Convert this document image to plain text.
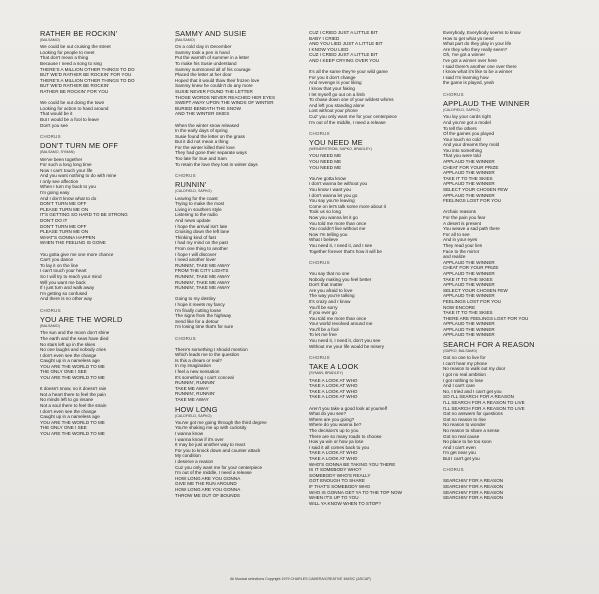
RATHER BE ROCKIN'
(BALSAMO)
We could be out cruising the street
Looking for people to meet
That don't mean a thing
Because I need a song to sing
THERE'S A MILLION OTHER THINGS TO DO
BUT WE'D RATHER BE ROCKIN' FOR YOU
THERE'S A MILLION OTHER THINGS TO DO
BUT WE'D RATHER BE ROCKIN'
RATHER BE ROCKIN' FOR YOU
We could be out doing the town
Looking for action to hand around
That would be it
But I would be a fool to leave
Don't you see
CHORUS
DON'T TURN ME OFF
(BALSAMO, SYMAN)
We've been together
For such a long long time
Now I can't touch your life
And you want nothing to do with mine
I only see affection
When I turn my back to you
I'm going easy
And I don't know what to do
DON'T TURN ME OFF
PLEASE TURN ME ON
IT'S GETTING SO HARD TO BE STRONG
DON'T DO IT
DON'T TURN ME OFF
PLEASE TURN ME ON
WHAT'S GONNA HAPPEN
WHEN THE FEELING IS GONE
You gotta give me one more chance
Can't you dance
To lay it on the line
I can't touch your heart
So I will try to reach your mind
Will you want me back
If I just turn and walk away
I'm getting so confused
And there is no other way
CHORUS
YOU ARE THE WORLD
(BALSAMO)
The sun and the moon don't shine
The earth and the seas have died
No stars left up in the skies
No one laughs and nobody cries
I don't even see the change
Caught up in a nameless age
YOU ARE THE WORLD TO ME
THE ONLY ONE I SEE
YOU ARE THE WORLD TO ME
It doesn't snow, no it doesn't rain
Not a heart there to feel the pain
No minds left to go insane
Not a soul there to feel the strain
I don't even see the change
Caught up in a nameless age
YOU ARE THE WORLD TO ME
THE ONLY ONE I SEE
YOU ARE THE WORLD TO ME
SAMMY AND SUSIE
(BALSAMO)
On a cold clay in December
Sammy took a pen in hand
Put the warmth of summer in a letter
To make his Susie understand
Sammy summoned all of his courage
Placed the letter at her door
Hoped that it would thaw their frozen love
Sammy knew he couldn't do any more
SUSIE NEVER FOUND THE LETTER
THOSE WORDS NEVER REACHED HER EYES
SWEPT AWAY UPON THE WINDS OF WINTER
BURIED BENEATH THE SNOW
AND THE WINTER SKIES
When the winter snow released
In the early days of spring
Susie found the letter on the grass
But it did not mean a thing
For the winter killed their love
They had gone their separate ways
Too late for Sue and Sam
To retain the love they lost in winter days
CHORUS
RUNNIN'
(CALDFIELD, SAPKO)
Leaving for the coast
Trying to make the most
Living in southern style
Listening to the radio
And news update
I hope the arrival isn't late
Cruising down the left lane
Thinking kind of fast
I had my mind on the past
From one thing to another
I hope I will discover
I need another lover
RUNNIN', TAKE ME AWAY
FROM THE CITY LIGHTS
RUNNIN', TAKE ME AWAY
RUNNIN', TAKE ME AWAY
RUNNIN', TAKE ME AWAY
Going to my destiny
I hope it meets my fancy
I'm finally cutting loose
The signs from the highway
Send like for a detour
I'm losing time that's for sure
CHORUS
There's something I should mention
Which leads me to the question
Is this a dream or real?
In my imagination
I feel a new sensation
It's something I can't conceal
RUNNIN', RUNNIN'
TAKE ME AWAY
RUNNIN', RUNNIN'
TAKE ME AWAY
HOW LONG
(CALDFIELD, SAPKO)
You've got me going through the third degree
You're shaking me up with curiosity
I wanna know
I wanna know if it's over
It may be just another way to react
For you to knock down and counter attack
My condition
I deserve a reason
Cuz you only want me for your centerpiece
I'm out of the middle, I need a release
HOW LONG ARE YOU GONNA
GIVE ME THE RUN AROUND
HOW LONG ARE YOU GONNA
THROW ME OUT OF BOUNDS
CUZ I CRIED JUST A LITTLE BIT
BABY I CRIED
AND YOU LIED JUST A LITTLE BIT
I KNOW YOU LIED
CUZ I CRIED JUST A LITTLE BIT
AND I KEEP CRYING OVER YOU
It's all the same they're your wild game
For you it don't change
And revenge is your liking
I know that your faking
I let myself go out on a limb
To chase down one of your wildest whims
And left you standing alone
Lost without your phone
Cuz' you only want me for your centerpiece
I'm out of the middle, I need a release
CHORUS
YOU NEED ME
(WEINERSTROM, SAPKO, BRADLEY)
YOU NEED ME
YOU NEED ME
YOU NEED ME
You've gotta know
I don't wanna be without you
You know I want you
I don't wanna let you go
You say you're leaving
Come on let's talk some more about it
Took us so long
Now you wanna let it go
You told me more than once
You couldn't live without me
Now I'm telling you
What I believe
You need it, I need it, and I see
Together forever that's how it will be
CHORUS
You say that no one
Nobody making you feel better
Don't that matter
Are you afraid to love
The way you're talking
It's crazy and I know
You'll be sorry
If you ever go
You told me more than once
Your world revolved around me
You'll be a fool
To let me free
You need it, I need it, don't you see
Without me your life would be misery
CHORUS
TAKE A LOOK
(SYMAN, BRADLEY)
TAKE A LOOK AT WHO
TAKE A LOOK AT WHO
TAKE A LOOK AT WHO
TAKE A LOOK AT WHO
Aren't you take a good look at yourself
What do you see?
Where are you going?
Where do you wanna be?
The decision's up to you
There are so many roads to choose
How ya win or how ya lose
I said it all comes back to you
TAKE A LOOK AT WHO
TAKE A LOOK AT WHO
WHO'S GONNA BE TAKING YOU THERE
IS IT SOMEBODY WHO?
SOMEBODY WHO'S REALLY
GOT ENOUGH TO SHARE
IF THAT'S SOMEBODY WHO
WHO IS GONNA GET YA TO THE TOP NOW
WHEN IT'S UP TO YOU
WILL YA KNOW WHEN TO STOP?
Everybody, Everybody seems to know
How to get what ya need
What part do they play in your life
Are they who they really seem?
Oh, I've got a winner
I've got a winner over here
I said there's another one over there
I know what it's like to be a winner
I said I'm learning how
the game is played, yeah
CHORUS
APPLAUD THE WINNER
(CALDFIELD, SAPKO)
You lay your cards right
And you've got a model
To tell the others
Of the games you played
Your touch so cold
And your dreams they mold
You into something
That you were told
APPLAUD THE WINNER
CHEAT FOR YOUR PRIZE
APPLAUD THE WINNER
TAKE IT TO THE SKIES
APPLAUD THE WINNER
SELECT YOUR CHOSEN FEW
APPLAUD THE WINNER
FEELINGS LOST FOR YOU
Archaic reasons
For the pain you fear
A desert is present
You weave a sad path there
For all to see
And in your eyes
They read your lies
Face to the mirror
and realize
APPLAUD THE WINNER
CHEAT FOR YOUR PRIZE
APPLAUD THE WINNER
TAKE IT TO THE SKIES
APPLAUD THE WINNER
SELECT YOUR CHOSEN FEW
APPLAUD THE WINNER
FEELINGS LOST FOR YOU
NOW ENCORE
TAKE IT TO THE SKIES
THERE ARE FEELINGS LOST FOR YOU
APPLAUD THE WINNER
APPLAUD THE WINNER
APPLAUD THE WINNER
SEARCH FOR A REASON
(SAPKO, BALSAMO)
Got no one to live for
I can't hear my phone
No reason to walk out my door
I got no real ambition
I got nothing to lose
And I can't care
No, I tried and I can't get you
SO I'LL SEARCH FOR A REASON
I'LL SEARCH FOR A REASON TO LIVE
I'LL SEARCH FOR A REASON TO LIVE
Got no answers for questions
Got no reason to rise
No reason to wonder
No reason to share a sense
Got no real cause
No place to be too soon
And I can't even
I'm get near you
But I can't get you
CHORUS
SEARCHIN' FOR A REASON
SEARCHIN' FOR A REASON
SEARCHIN' FOR A REASON
SEARCHIN' FOR A REASON
All Musical selections Copyright 1979 CHARLES CAMERA/CREATIVE MUSIC (ASCAP)
